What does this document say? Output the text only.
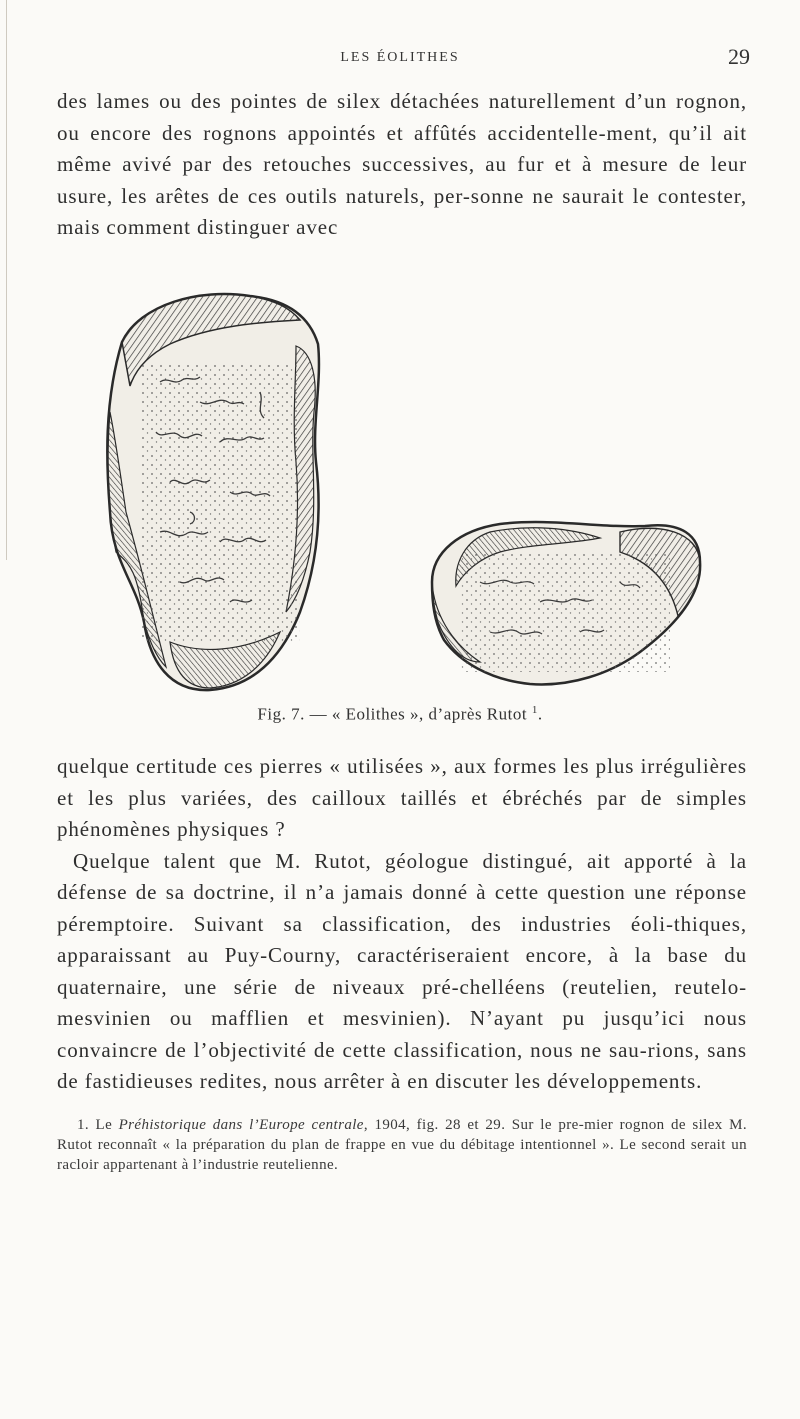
LES ÉOLITHES	29

des lames ou des pointes de silex détachées naturellement d’un rognon, ou encore des rognons appointés et affûtés accidentelle-ment, qu’il ait même avivé par des retouches successives, au fur et à mesure de leur usure, les arêtes de ces outils naturels, per-sonne ne saurait le contester, mais comment distinguer avec

Fig. 7. — « Eolithes », d’après Rutot $^1$.

quelque certitude ces pierres « utilisées », aux formes les plus irrégulières et les plus variées, des cailloux taillés et ébréchés par de simples phénomènes physiques ?

Quelque talent que M. Rutot, géologue distingué, ait apporté à la défense de sa doctrine, il n’a jamais donné à cette question une réponse péremptoire. Suivant sa classification, des industries éoli-thiques, apparaissant au Puy-Courny, caractériseraient encore, à la base du quaternaire, une série de niveaux pré-chelléens (reutelien, reutelo-mesvinien ou mafflien et mesvinien). N’ayant pu jusqu’ici nous convaincre de l’objectivité de cette classification, nous ne sau-rions, sans de fastidieuses redites, nous arrêter à en discuter les développements.

1. Le Préhistorique dans l’Europe centrale, 1904, fig. 28 et 29. Sur le pre-mier rognon de silex M. Rutot reconnaît « la préparation du plan de frappe en vue du débitage intentionnel ». Le second serait un racloir appartenant à l’industrie reutelienne.
